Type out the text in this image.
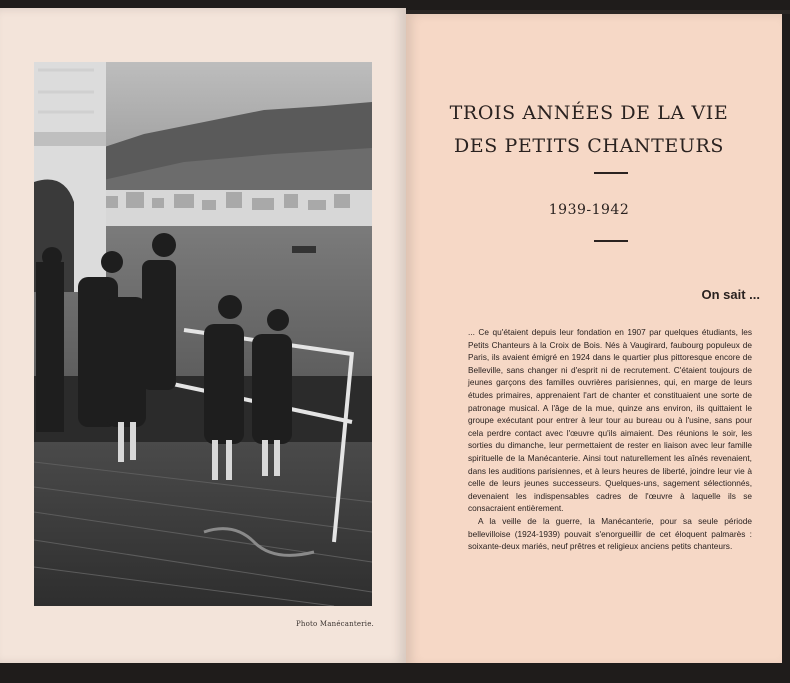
Photo Manécanterie.
TROIS ANNÉES DE LA VIE
DES PETITS CHANTEURS
1939-1942
On sait ...

... Ce qu'étaient depuis leur fondation en 1907 par quelques étudiants, les Petits Chanteurs à la Croix de Bois. Nés à Vaugirard, faubourg populeux de Paris, ils avaient émigré en 1924 dans le quartier plus pittoresque encore de Belleville, sans changer ni d'esprit ni de recrutement. C'étaient toujours de jeunes garçons des familles ouvrières parisiennes, qui, en marge de leurs études primaires, apprenaient l'art de chanter et constituaient une sorte de patronage musical. A l'âge de la mue, quinze ans environ, ils quittaient le groupe exécutant pour entrer à leur tour au bureau ou à l'usine, sans pour cela perdre contact avec l'œuvre qu'ils aimaient. Des réunions le soir, les sorties du dimanche, leur permettaient de rester en liaison avec leur famille spirituelle de la Manécanterie. Ainsi tout naturellement les aînés revenaient, dans les auditions parisiennes, et à leurs heures de liberté, joindre leur vie à celle de leurs jeunes successeurs. Quelques-uns, sagement sélectionnés, devenaient les indispensables cadres de l'œuvre à laquelle ils se consacraient entièrement.

A la veille de la guerre, la Manécanterie, pour sa seule période bellevilloise (1924-1939) pouvait s'enorgueillir de cet éloquent palmarès : soixante-deux mariés, neuf prêtres et religieux anciens petits chanteurs.
